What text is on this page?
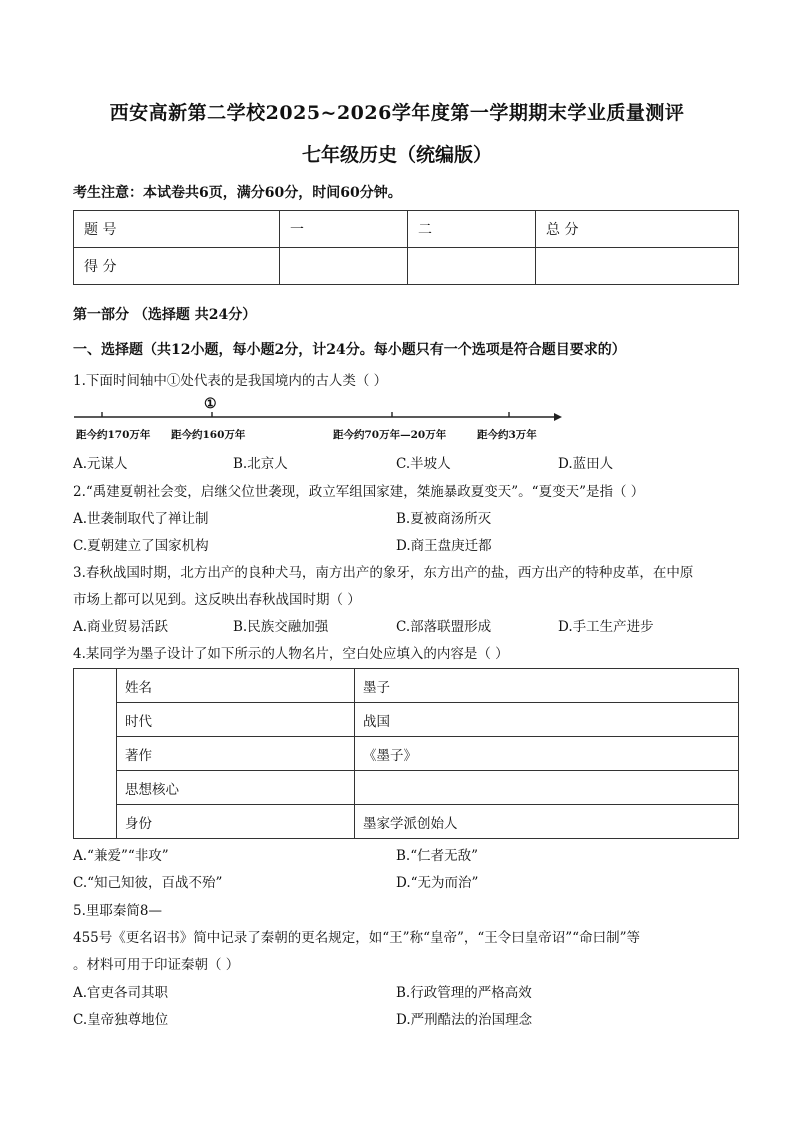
西安高新第二学校2025~2026学年度第一学期期末学业质量测评
七年级历史（统编版）
考生注意：本试卷共6页，满分60分，时间60分钟。
题 号	一	二	总 分
得 分			
第一部分 （选择题 共24分）
一、选择题（共12小题，每小题2分，计24分。每小题只有一个选项是符合题目要求的）
1.下面时间轴中①处代表的是我国境内的古人类（ ）
①
距今约170万年 距今约160万年	距今约70万年—20万年	距今约3万年
A.元谋人	B.北京人	C.半坡人	D.蓝田人
2.“禹建夏朝社会变，启继父位世袭现，政立军组国家建，桀施暴政夏变天”。“夏变天”是指（ ）
A.世袭制取代了禅让制	B.夏被商汤所灭
C.夏朝建立了国家机构	D.商王盘庚迁都
3.春秋战国时期，北方出产的良种犬马，南方出产的象牙，东方出产的盐，西方出产的特种皮革，在中原
市场上都可以见到。这反映出春秋战国时期（ ）
A.商业贸易活跃	B.民族交融加强	C.部落联盟形成	D.手工生产进步
4.某同学为墨子设计了如下所示的人物名片，空白处应填入的内容是（ ）
	姓名	墨子
	时代	战国
	著作	《墨子》
	思想核心	
	身份	墨家学派创始人
A.“兼爱”“非攻”	B.“仁者无敌”
C.“知己知彼，百战不殆”	D.“无为而治”
5.里耶秦简8—
455号《更名诏书》简中记录了秦朝的更名规定，如“王”称“皇帝”，“王令曰皇帝诏”“命曰制”等
。材料可用于印证秦朝（ ）
A.官吏各司其职	B.行政管理的严格高效
C.皇帝独尊地位	D.严刑酷法的治国理念
